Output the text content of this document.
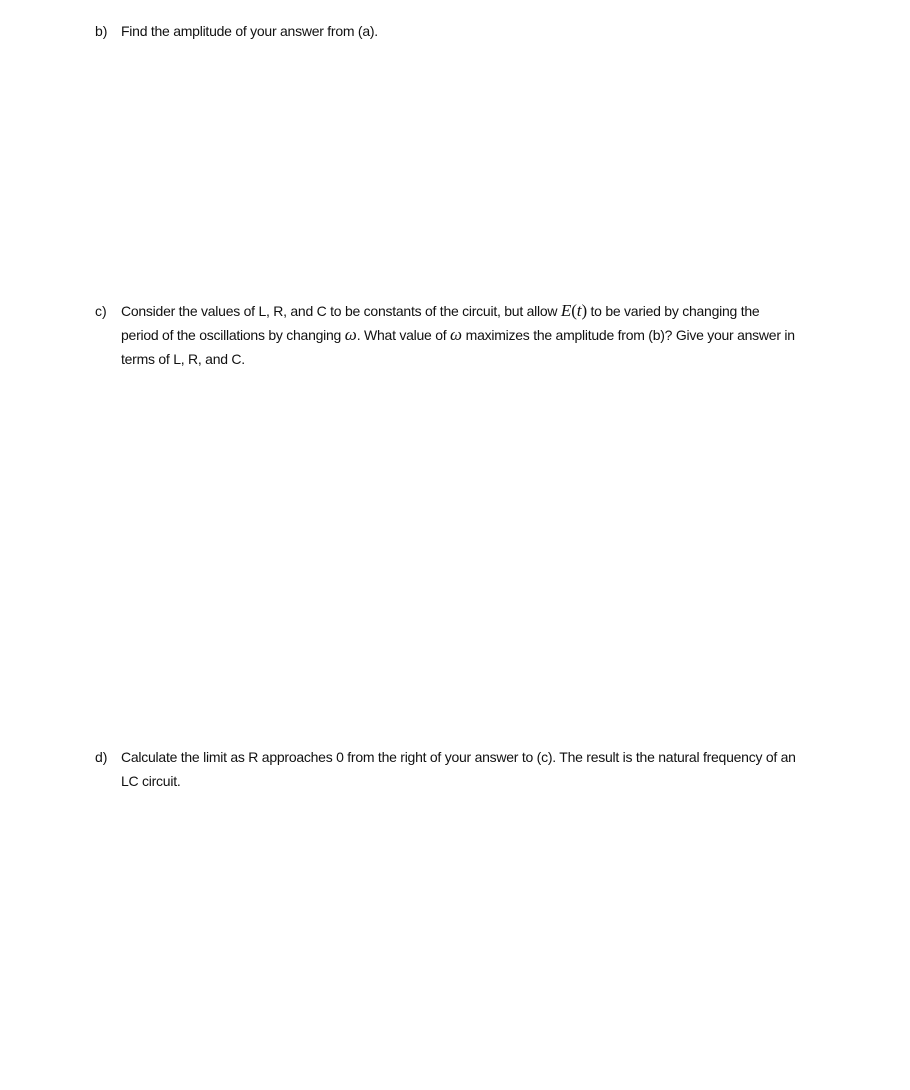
b) Find the amplitude of your answer from (a).
c) Consider the values of L, R, and C to be constants of the circuit, but allow E(t) to be varied by changing the period of the oscillations by changing ω. What value of ω maximizes the amplitude from (b)? Give your answer in terms of L, R, and C.
d) Calculate the limit as R approaches 0 from the right of your answer to (c). The result is the natural frequency of an LC circuit.
